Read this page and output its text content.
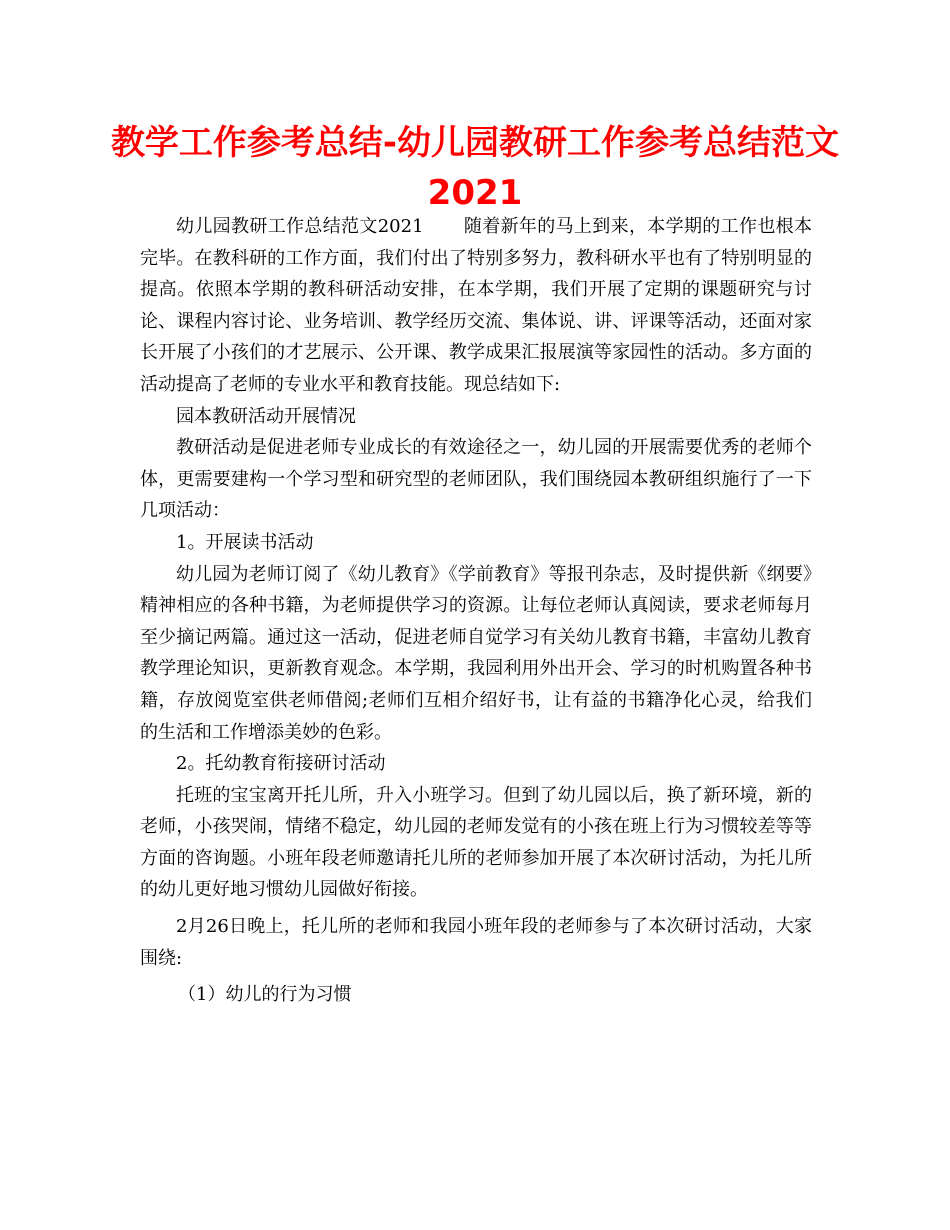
教学工作参考总结-幼儿园教研工作参考总结范文2021

幼儿园教研工作总结范文2021 随着新年的马上到来，本学期的工作也根本完毕。在教科研的工作方面，我们付出了特别多努力，教科研水平也有了特别明显的提高。依照本学期的教科研活动安排，在本学期，我们开展了定期的课题研究与讨论、课程内容讨论、业务培训、教学经历交流、集体说、讲、评课等活动，还面对家长开展了小孩们的才艺展示、公开课、教学成果汇报展演等家园性的活动。多方面的活动提高了老师的专业水平和教育技能。现总结如下:

园本教研活动开展情况

教研活动是促进老师专业成长的有效途径之一，幼儿园的开展需要优秀的老师个体，更需要建构一个学习型和研究型的老师团队，我们围绕园本教研组织施行了一下几项活动：

1。开展读书活动

幼儿园为老师订阅了《幼儿教育》《学前教育》等报刊杂志，及时提供新《纲要》精神相应的各种书籍，为老师提供学习的资源。让每位老师认真阅读，要求老师每月至少摘记两篇。通过这一活动，促进老师自觉学习有关幼儿教育书籍，丰富幼儿教育教学理论知识，更新教育观念。本学期，我园利用外出开会、学习的时机购置各种书籍，存放阅览室供老师借阅;老师们互相介绍好书，让有益的书籍净化心灵，给我们的生活和工作增添美妙的色彩。

2。托幼教育衔接研讨活动

托班的宝宝离开托儿所，升入小班学习。但到了幼儿园以后，换了新环境，新的老师，小孩哭闹，情绪不稳定，幼儿园的老师发觉有的小孩在班上行为习惯较差等等方面的咨询题。小班年段老师邀请托儿所的老师参加开展了本次研讨活动，为托儿所的幼儿更好地习惯幼儿园做好衔接。

2月26日晚上，托儿所的老师和我园小班年段的老师参与了本次研讨活动，大家围绕:

（1）幼儿的行为习惯
